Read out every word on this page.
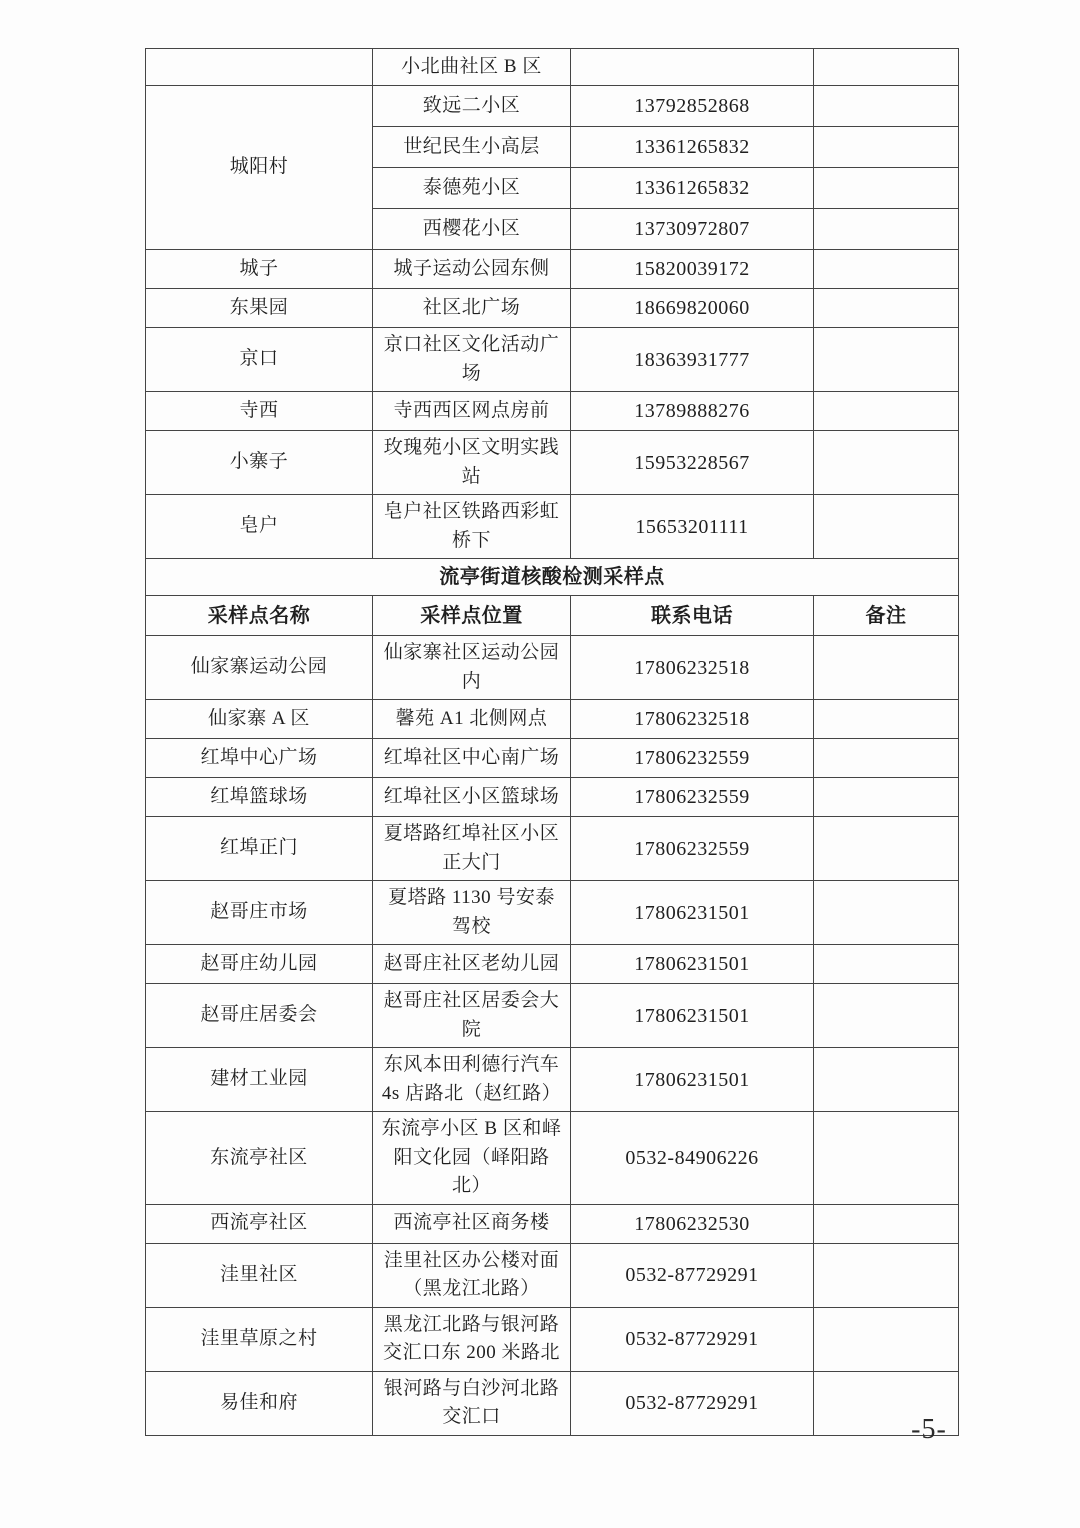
	小北曲社区 B 区		
城阳村	致远二小区	13792852868	
	世纪民生小高层	13361265832	
	泰德苑小区	13361265832	
	西樱花小区	13730972807	
城子	城子运动公园东侧	15820039172	
东果园	社区北广场	18669820060	
京口	京口社区文化活动广场	18363931777	
寺西	寺西西区网点房前	13789888276	
小寨子	玫瑰苑小区文明实践站	15953228567	
皂户	皂户社区铁路西彩虹桥下	15653201111	
流亭街道核酸检测采样点			
采样点名称	采样点位置	联系电话	备注
仙家寨运动公园	仙家寨社区运动公园内	17806232518	
仙家寨 A 区	馨苑 A1 北侧网点	17806232518	
红埠中心广场	红埠社区中心南广场	17806232559	
红埠篮球场	红埠社区小区篮球场	17806232559	
红埠正门	夏塔路红埠社区小区正大门	17806232559	
赵哥庄市场	夏塔路 1130 号安泰驾校	17806231501	
赵哥庄幼儿园	赵哥庄社区老幼儿园	17806231501	
赵哥庄居委会	赵哥庄社区居委会大院	17806231501	
建材工业园	东风本田利德行汽车 4s 店路北（赵红路）	17806231501	
东流亭社区	东流亭小区 B 区和峄阳文化园（峄阳路北）	0532-84906226	
西流亭社区	西流亭社区商务楼	17806232530	
洼里社区	洼里社区办公楼对面（黑龙江北路）	0532-87729291	
洼里草原之村	黑龙江北路与银河路交汇口东 200 米路北	0532-87729291	
易佳和府	银河路与白沙河北路交汇口	0532-87729291	
-5-
